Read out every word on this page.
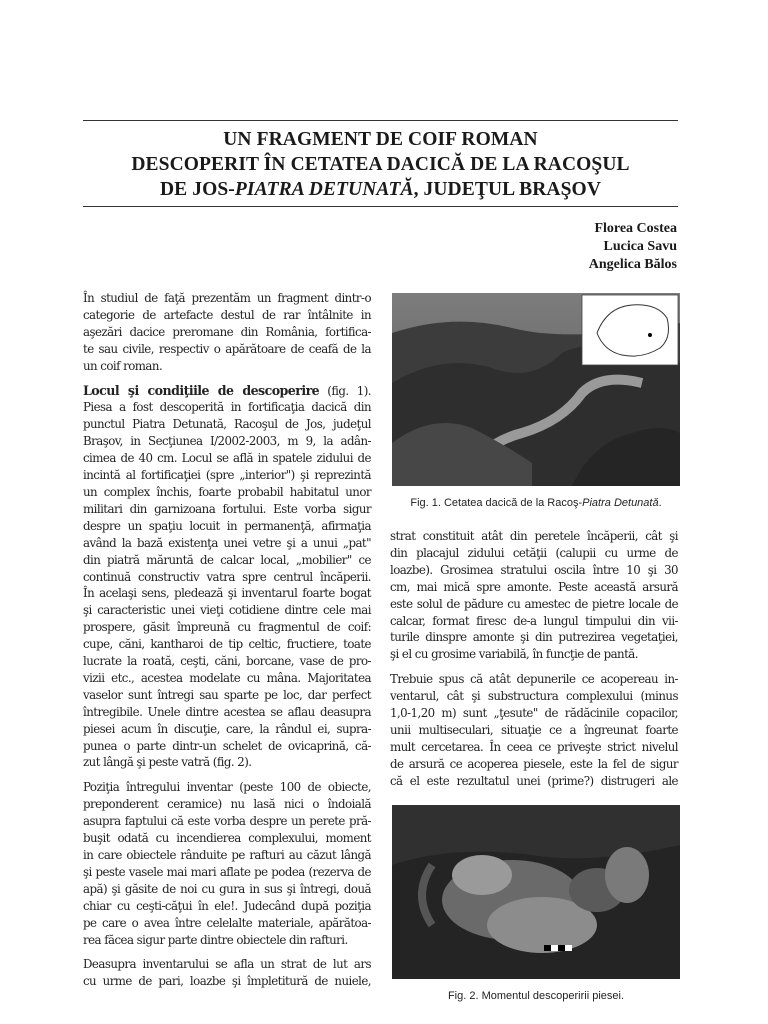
UN FRAGMENT DE COIF ROMAN
DESCOPERIT ÎN CETATEA DACICĂ DE LA RACOŞUL
DE JOS-PIATRA DETUNATĂ, JUDEŢUL BRAŞOV
Florea Costea
Lucica Savu
Angelica Bălos

În studiul de faţă prezentăm un fragment dintr-o
categorie de artefacte destul de rar întâlnite in
aşezări dacice preromane din România, fortifica-
te sau civile, respectiv o apărătoare de ceafă de la
un coif roman.

Locul şi condiţiile de descoperire (fig. 1).
Piesa a fost descoperită in fortificaţia dacică din
punctul Piatra Detunată, Racoşul de Jos, judeţul
Braşov, in Secţiunea I/2002-2003, m 9, la adân-
cimea de 40 cm. Locul se află in spatele zidului de
incintă al fortificaţiei (spre „interior") şi reprezintă
un complex închis, foarte probabil habitatul unor
militari din garnizoana fortului. Este vorba sigur
despre un spaţiu locuit in permanenţă, afirmaţia
având la bază existenţa unei vetre şi a unui „pat"
din piatră măruntă de calcar local, „mobilier" ce
continuă constructiv vatra spre centrul încăperii.
În acelaşi sens, pledează şi inventarul foarte bogat
şi caracteristic unei vieţi cotidiene dintre cele mai
prospere, găsit împreună cu fragmentul de coif:
cupe, căni, kantharoi de tip celtic, fructiere, toate
lucrate la roată, ceşti, căni, borcane, vase de pro-
vizii etc., acestea modelate cu mâna. Majoritatea
vaselor sunt întregi sau sparte pe loc, dar perfect
întregibile. Unele dintre acestea se aflau deasupra
piesei acum în discuţie, care, la rândul ei, supra-
punea o parte dintr-un schelet de ovicaprină, că-
zut lângă şi peste vatră (fig. 2).

Poziţia întregului inventar (peste 100 de obiecte,
preponderent ceramice) nu lasă nici o îndoială
asupra faptului că este vorba despre un perete pră-
buşit odată cu incendierea complexului, moment
in care obiectele rânduite pe rafturi au căzut lângă
şi peste vasele mai mari aflate pe podea (rezerva de
apă) şi găsite de noi cu gura in sus şi întregi, două
chiar cu ceşti-căţui în ele!. Judecând după poziţia
pe care o avea între celelalte materiale, apărătoa-
rea făcea sigur parte dintre obiectele din rafturi.

Deasupra inventarului se afla un strat de lut ars
cu urme de pari, loazbe şi împletitură de nuiele,

Fig. 1. Cetatea dacică de la Racoş-Piatra Detunată.

strat constituit atât din peretele încăperii, cât şi
din placajul zidului cetăţii (calupii cu urme de
loazbe). Grosimea stratului oscila între 10 şi 30
cm, mai mică spre amonte. Peste această arsură
este solul de pădure cu amestec de pietre locale de
calcar, format firesc de-a lungul timpului din vii-
turile dinspre amonte şi din putrezirea vegetaţiei,
şi el cu grosime variabilă, în funcţie de pantă.

Trebuie spus că atât depunerile ce acopereau in-
ventarul, cât şi substructura complexului (minus
1,0-1,20 m) sunt „ţesute" de rădăcinile copacilor,
unii multiseculari, situaţie ce a îngreunat foarte
mult cercetarea. În ceea ce priveşte strict nivelul
de arsură ce acoperea piesele, este la fel de sigur
că el este rezultatul unei (prime?) distrugeri ale

Fig. 2. Momentul descoperirii piesei.
